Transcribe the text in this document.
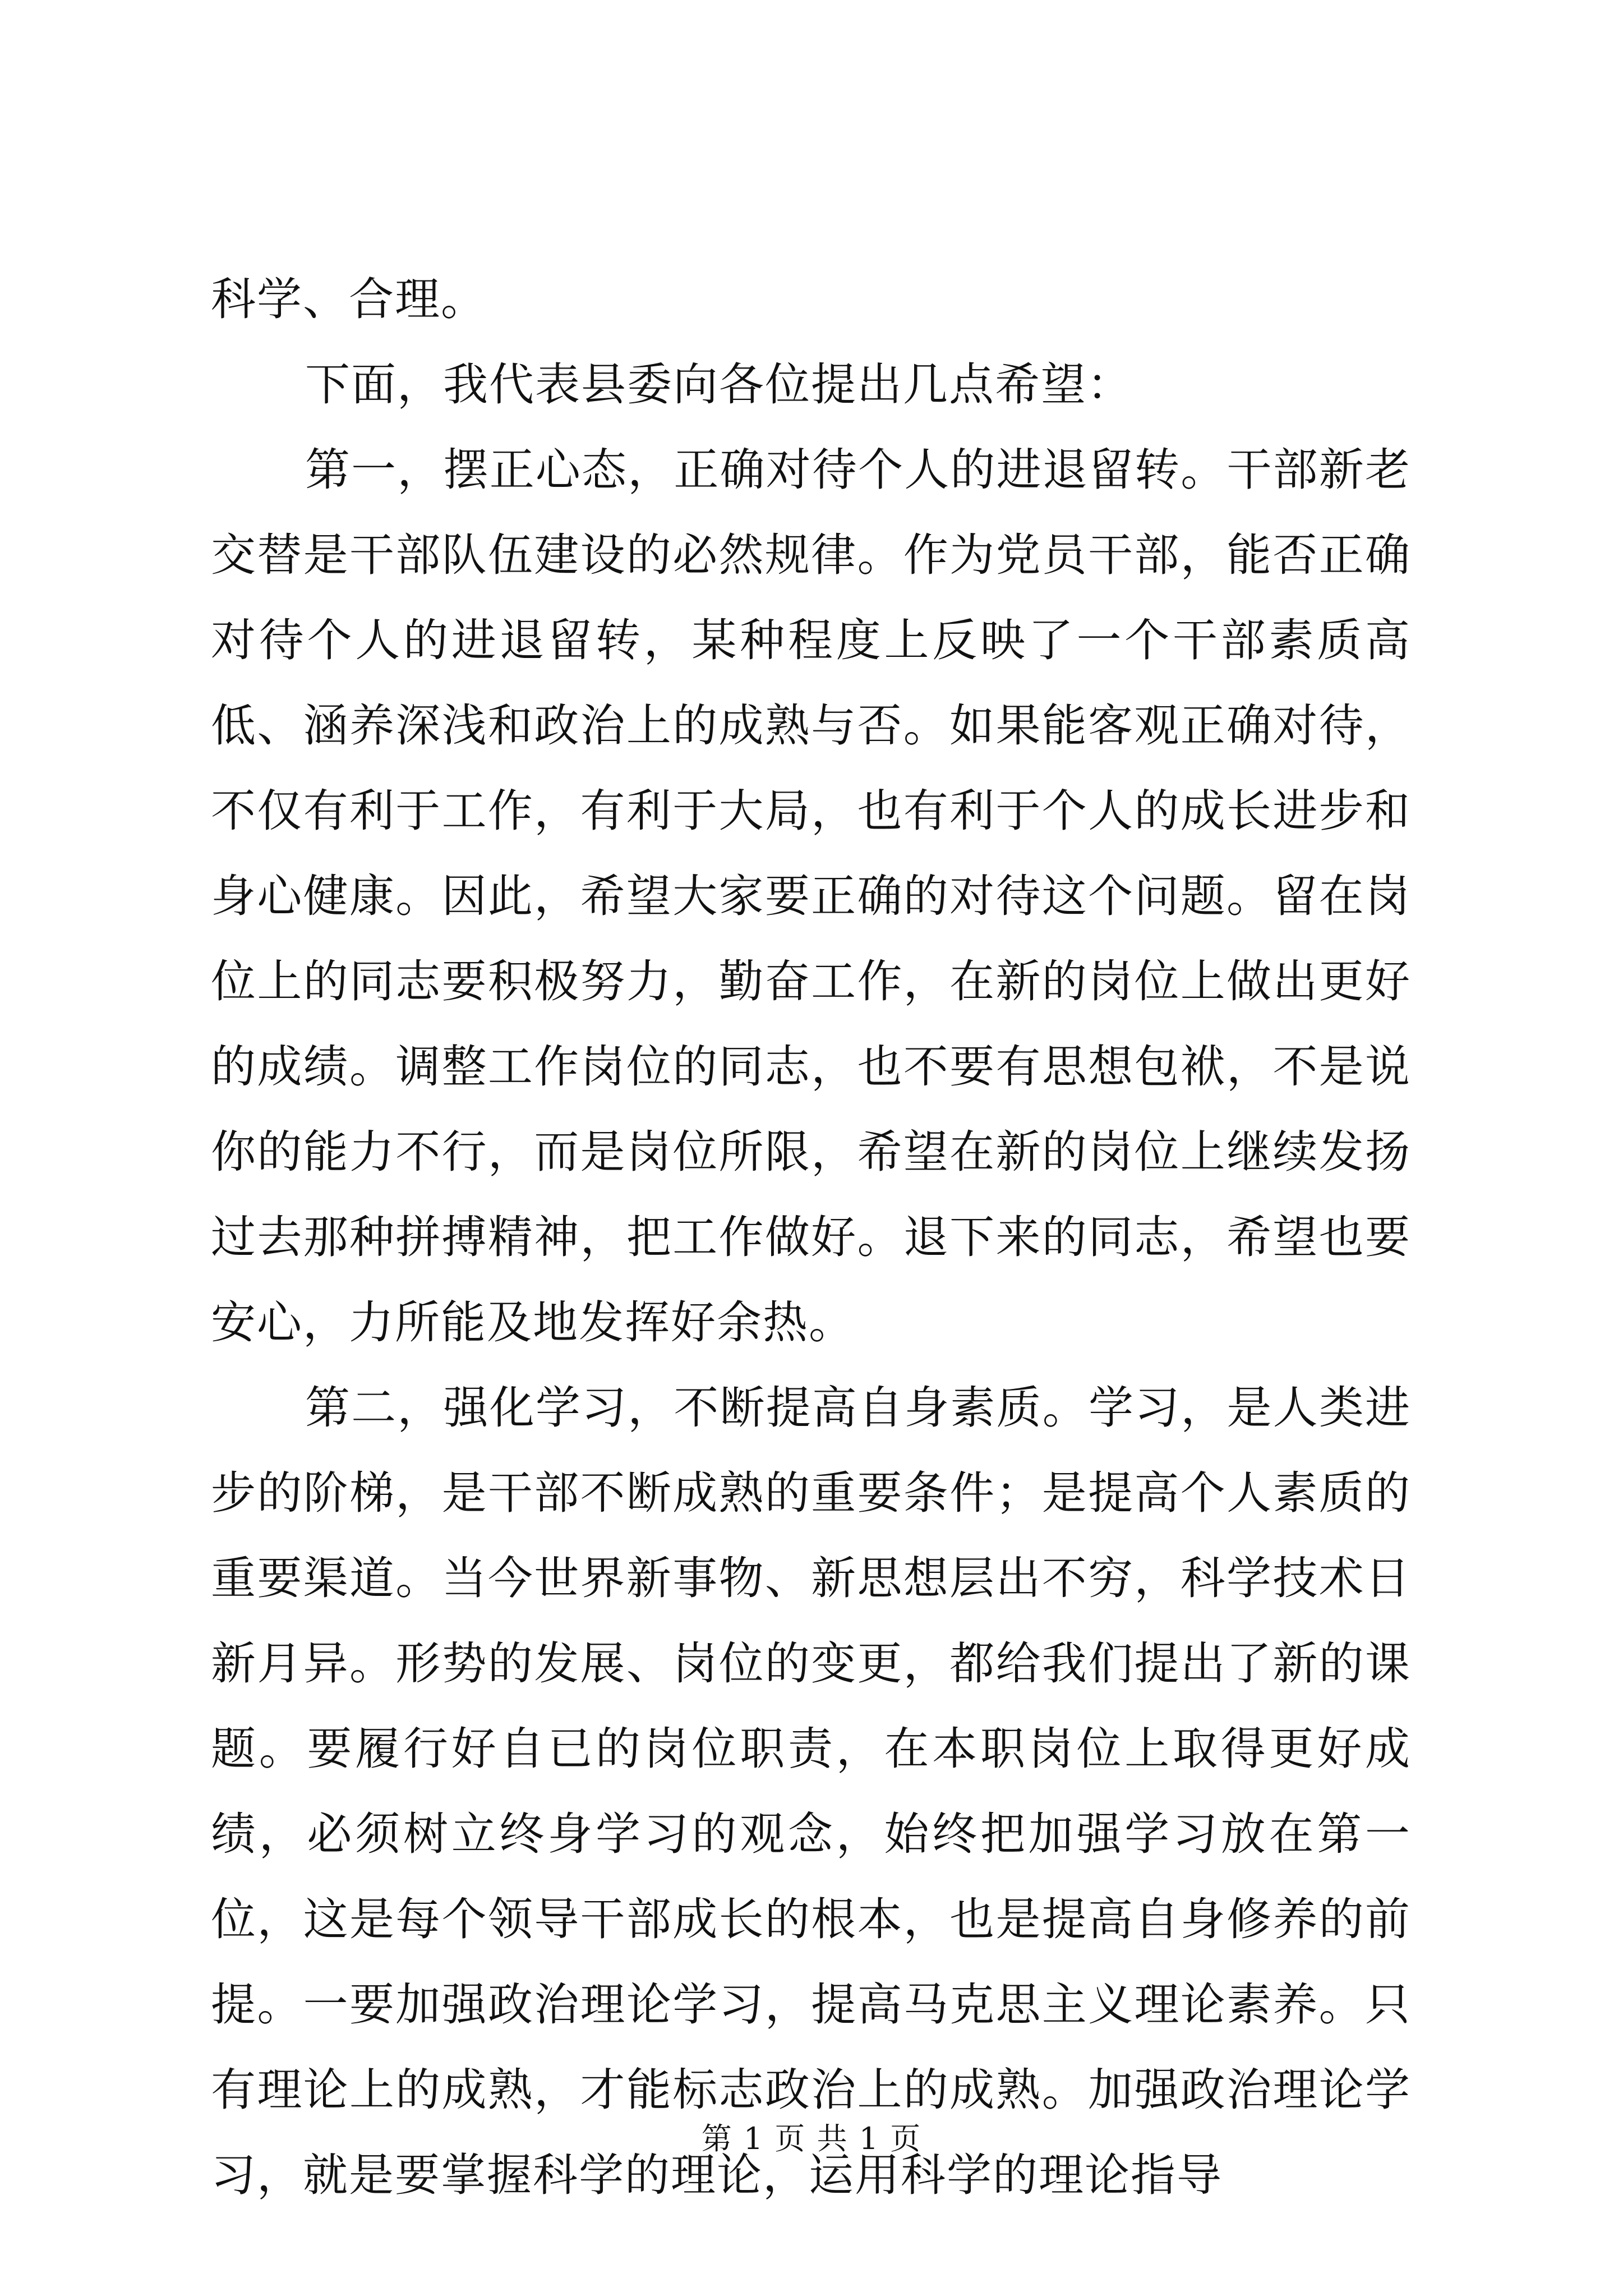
科学、合理。

下面，我代表县委向各位提出几点希望：

第一，摆正心态，正确对待个人的进退留转。干部新老交替是干部队伍建设的必然规律。作为党员干部，能否正确对待个人的进退留转，某种程度上反映了一个干部素质高低、涵养深浅和政治上的成熟与否。如果能客观正确对待，不仅有利于工作，有利于大局，也有利于个人的成长进步和身心健康。因此，希望大家要正确的对待这个问题。留在岗位上的同志要积极努力，勤奋工作，在新的岗位上做出更好的成绩。调整工作岗位的同志，也不要有思想包袱，不是说你的能力不行，而是岗位所限，希望在新的岗位上继续发扬过去那种拼搏精神，把工作做好。退下来的同志，希望也要安心，力所能及地发挥好余热。

第二，强化学习，不断提高自身素质。学习，是人类进步的阶梯，是干部不断成熟的重要条件；是提高个人素质的重要渠道。当今世界新事物、新思想层出不穷，科学技术日新月异。形势的发展、岗位的变更，都给我们提出了新的课题。要履行好自已的岗位职责，在本职岗位上取得更好成绩，必须树立终身学习的观念，始终把加强学习放在第一位，这是每个领导干部成长的根本，也是提高自身修养的前提。一要加强政治理论学习，提高马克思主义理论素养。只有理论上的成熟，才能标志政治上的成熟。加强政治理论学习，就是要掌握科学的理论，运用科学的理论指导

第 1 页 共 1 页
